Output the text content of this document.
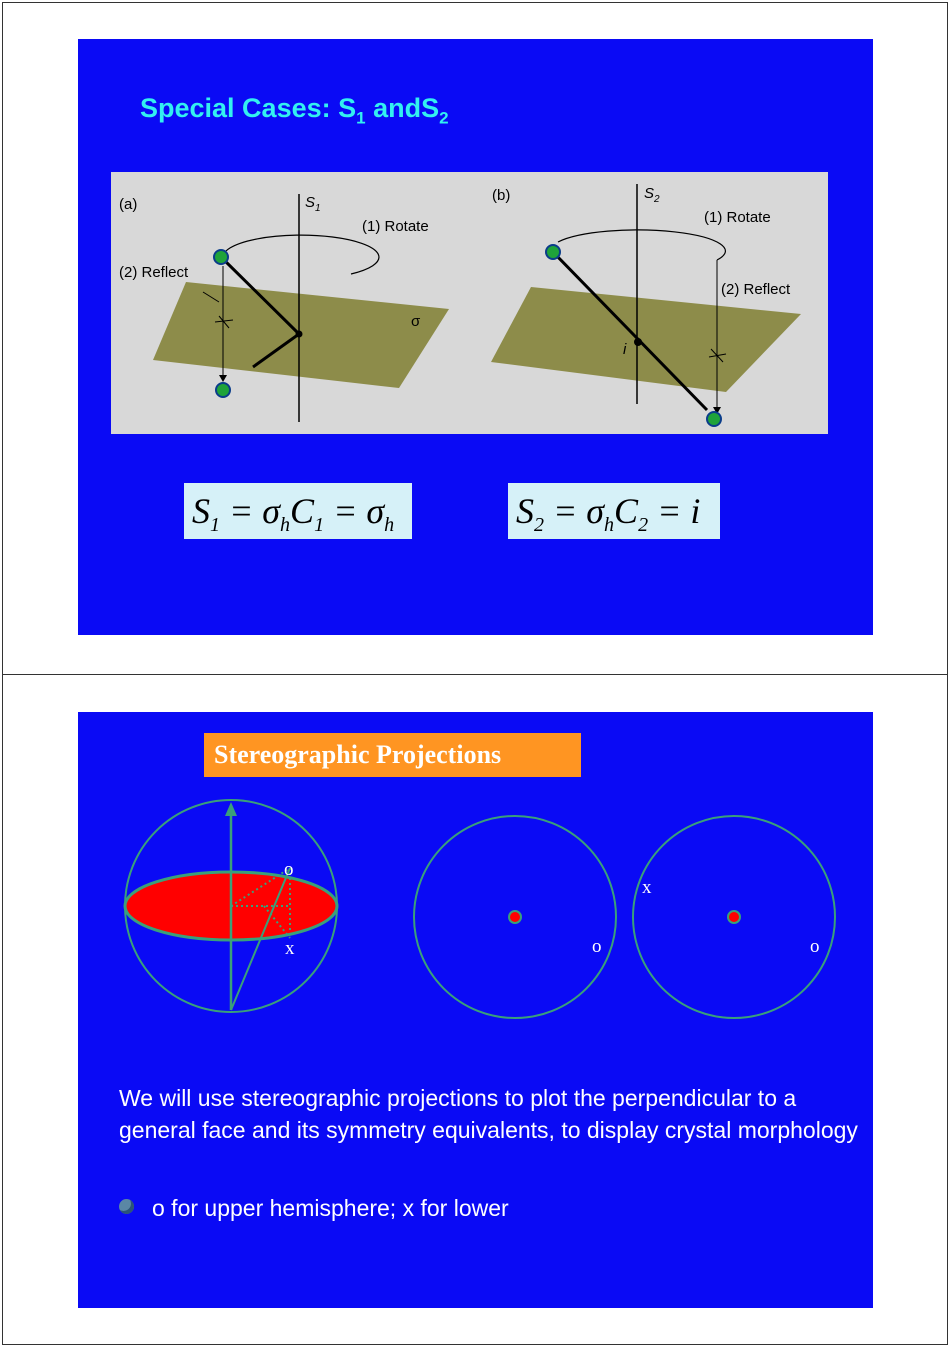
Special Cases: $S_1$ andS$_2$
(a)
(b)
$S_1$
$S_2$
(1) Rotate
(2) Reflect
(1) Rotate
(2) Reflect
σ
i
$S_1 = \sigma_hC_1 = \sigma_h$	$S_2 = \sigma_hC_2 = i$
Stereographic Projections
o
x	o
x
o
We will use stereographic projections to plot the perpendicular to a general face and its symmetry equivalents, to display crystal morphology
o for upper hemisphere; x for lower
